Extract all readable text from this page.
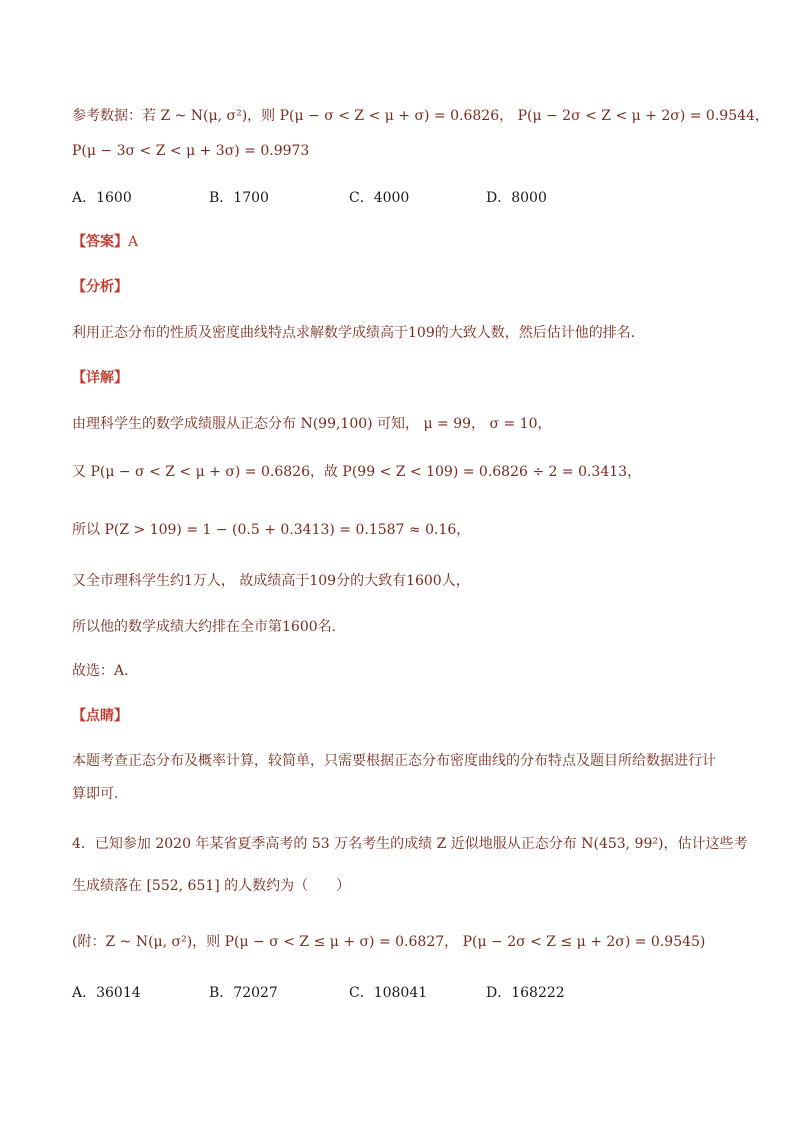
参考数据：若 Z ~ N(μ, σ²)，则 P(μ − σ < Z < μ + σ) = 0.6826， P(μ − 2σ < Z < μ + 2σ) = 0.9544，
P(μ − 3σ < Z < μ + 3σ) = 0.9973
A．1600	B．1700	C．4000	D．8000
【答案】A
【分析】
利用正态分布的性质及密度曲线特点求解数学成绩高于109的大致人数，然后估计他的排名.
【详解】
由理科学生的数学成绩服从正态分布 N(99,100) 可知， μ = 99， σ = 10，
又 P(μ − σ < Z < μ + σ) = 0.6826，故 P(99 < Z < 109) = 0.6826 ÷ 2 = 0.3413，
所以 P(Z > 109) = 1 − (0.5 + 0.3413) = 0.1587 ≈ 0.16，
又全市理科学生约1万人， 故成绩高于109分的大致有1600人，
所以他的数学成绩大约排在全市第1600名.
故选：A.
【点睛】
本题考查正态分布及概率计算，较简单，只需要根据正态分布密度曲线的分布特点及题目所给数据进行计
算即可.
4．已知参加 2020 年某省夏季高考的 53 万名考生的成绩 Z 近似地服从正态分布 N(453, 99²)，估计这些考
生成绩落在 [552, 651] 的人数约为（　　）
(附：Z ~ N(μ, σ²)，则 P(μ − σ < Z ≤ μ + σ) = 0.6827， P(μ − 2σ < Z ≤ μ + 2σ) = 0.9545)
A．36014	B．72027	C．108041	D．168222
